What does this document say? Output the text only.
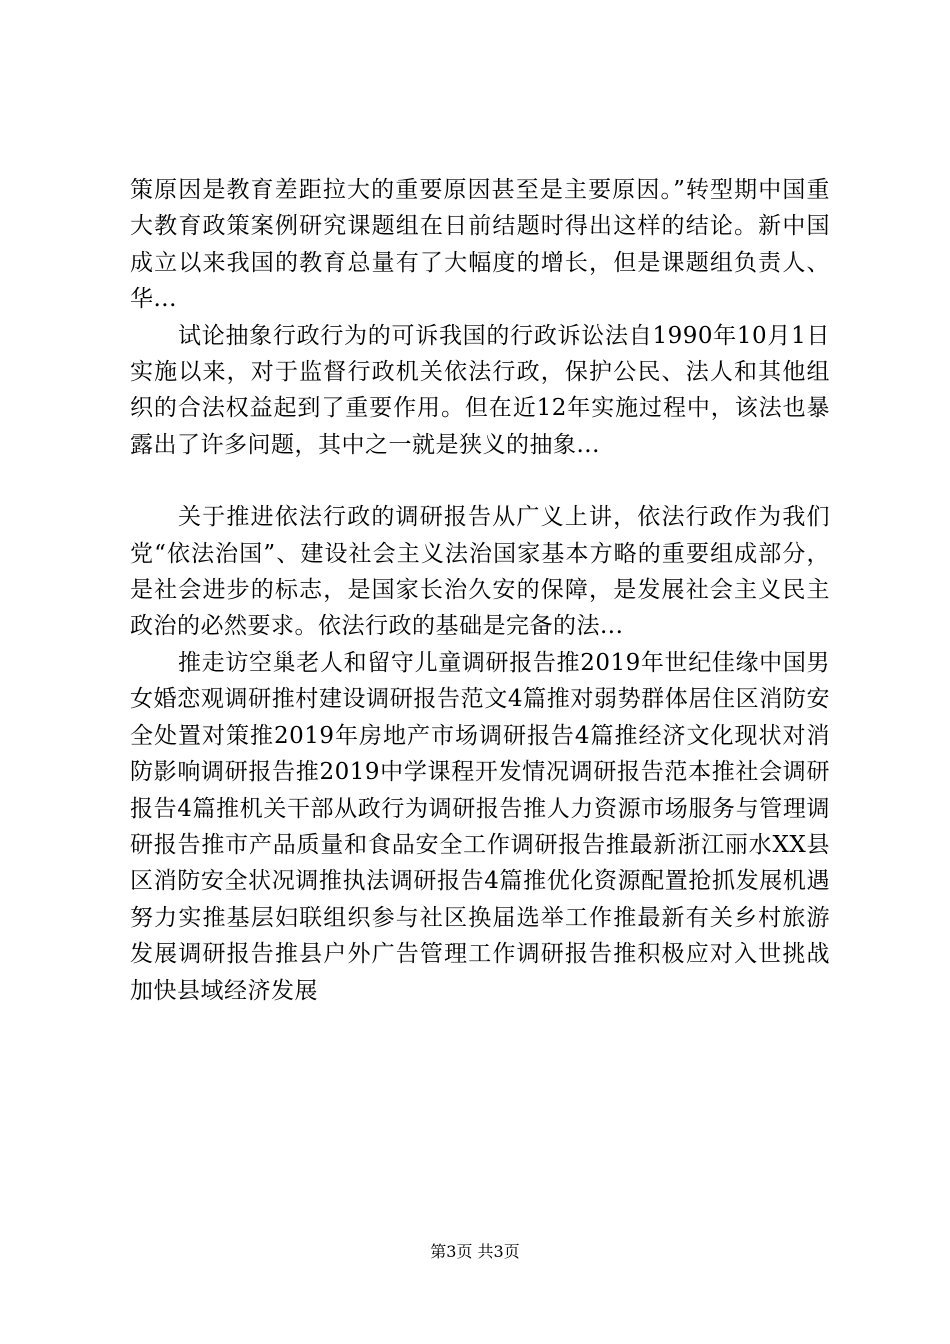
策原因是教育差距拉大的重要原因甚至是主要原因。”转型期中国重大教育政策案例研究课题组在日前结题时得出这样的结论。新中国成立以来我国的教育总量有了大幅度的增长，但是课题组负责人、华...

试论抽象行政行为的可诉我国的行政诉讼法自1990年10月1日实施以来，对于监督行政机关依法行政，保护公民、法人和其他组织的合法权益起到了重要作用。但在近12年实施过程中，该法也暴露出了许多问题，其中之一就是狭义的抽象...

关于推进依法行政的调研报告从广义上讲，依法行政作为我们党“依法治国”、建设社会主义法治国家基本方略的重要组成部分，是社会进步的标志，是国家长治久安的保障，是发展社会主义民主政治的必然要求。依法行政的基础是完备的法...

推走访空巢老人和留守儿童调研报告推2019年世纪佳缘中国男女婚恋观调研推村建设调研报告范文4篇推对弱势群体居住区消防安全处置对策推2019年房地产市场调研报告4篇推经济文化现状对消防影响调研报告推2019中学课程开发情况调研报告范本推社会调研报告4篇推机关干部从政行为调研报告推人力资源市场服务与管理调研报告推市产品质量和食品安全工作调研报告推最新浙江丽水XX县区消防安全状况调推执法调研报告4篇推优化资源配置抢抓发展机遇努力实推基层妇联组织参与社区换届选举工作推最新有关乡村旅游发展调研报告推县户外广告管理工作调研报告推积极应对入世挑战加快县域经济发展

第3页 共3页
